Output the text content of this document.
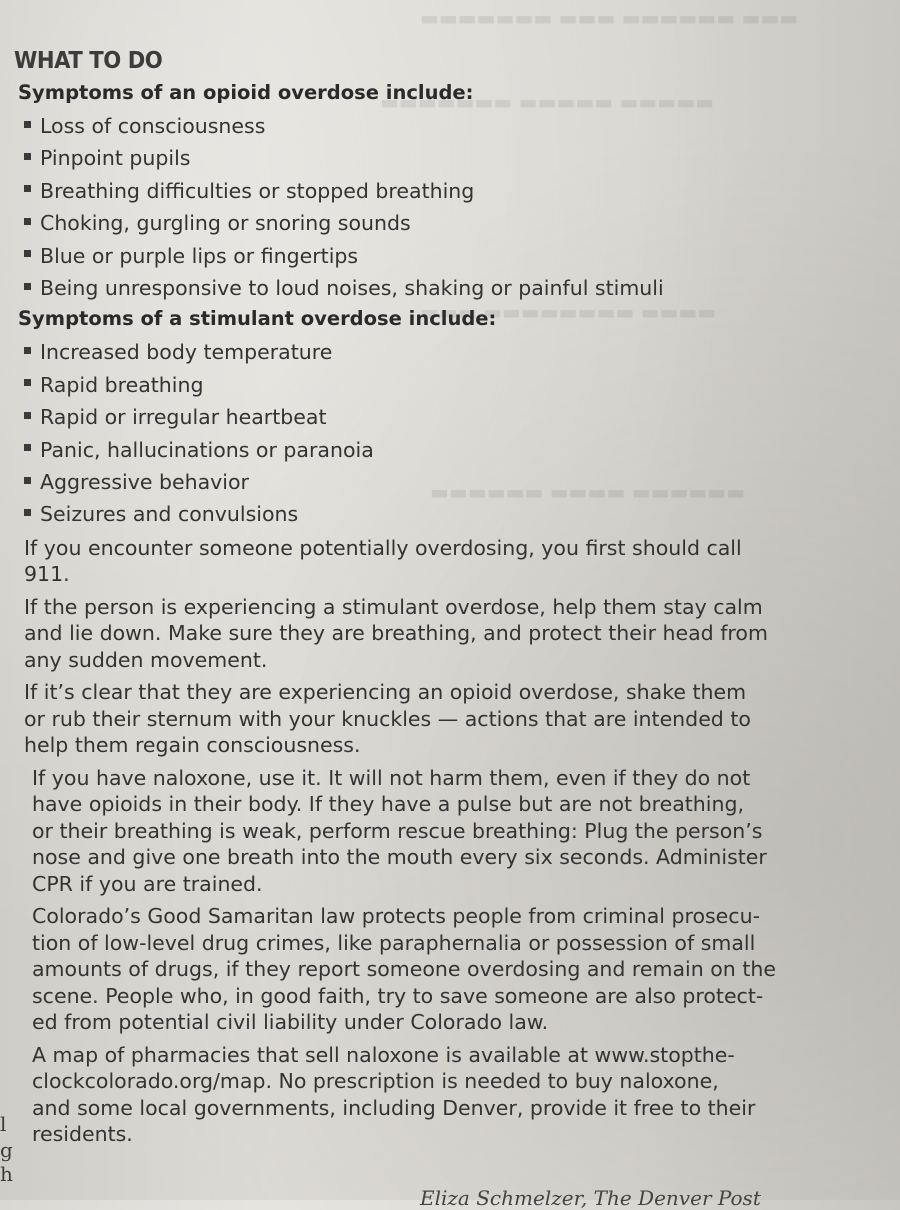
▬▬▬ ▬▬▬▬▬▬ ▬▬▬ ▬▬▬▬▬▬▬
▬▬▬▬▬ ▬▬▬▬▬ ▬▬▬▬▬▬▬
▬▬▬▬ ▬▬▬▬▬▬▬▬ ▬▬▬
▬▬▬▬▬▬ ▬▬▬▬ ▬▬▬▬▬▬
WHAT TO DO
Symptoms of an opioid overdose include:
Loss of consciousness
Pinpoint pupils
Breathing difficulties or stopped breathing
Choking, gurgling or snoring sounds
Blue or purple lips or fingertips
Being unresponsive to loud noises, shaking or painful stimuli
Symptoms of a stimulant overdose include:
Increased body temperature
Rapid breathing
Rapid or irregular heartbeat
Panic, hallucinations or paranoia
Aggressive behavior
Seizures and convulsions
If you encounter someone potentially overdosing, you first should call
911.
If the person is experiencing a stimulant overdose, help them stay calm
and lie down. Make sure they are breathing, and protect their head from
any sudden movement.
If it’s clear that they are experiencing an opioid overdose, shake them
or rub their sternum with your knuckles — actions that are intended to
help them regain consciousness.
If you have naloxone, use it. It will not harm them, even if they do not
have opioids in their body. If they have a pulse but are not breathing,
or their breathing is weak, perform rescue breathing: Plug the person’s
nose and give one breath into the mouth every six seconds. Administer
CPR if you are trained.
Colorado’s Good Samaritan law protects people from criminal prosecu-
tion of low-level drug crimes, like paraphernalia or possession of small
amounts of drugs, if they report someone overdosing and remain on the
scene. People who, in good faith, try to save someone are also protect-
ed from potential civil liability under Colorado law.
A map of pharmacies that sell naloxone is available at www.stopthe-
clockcolorado.org/map. No prescription is needed to buy naloxone,
and some local governments, including Denver, provide it free to their
residents.
l
g
h
Eliza Schmelzer, The Denver Post
